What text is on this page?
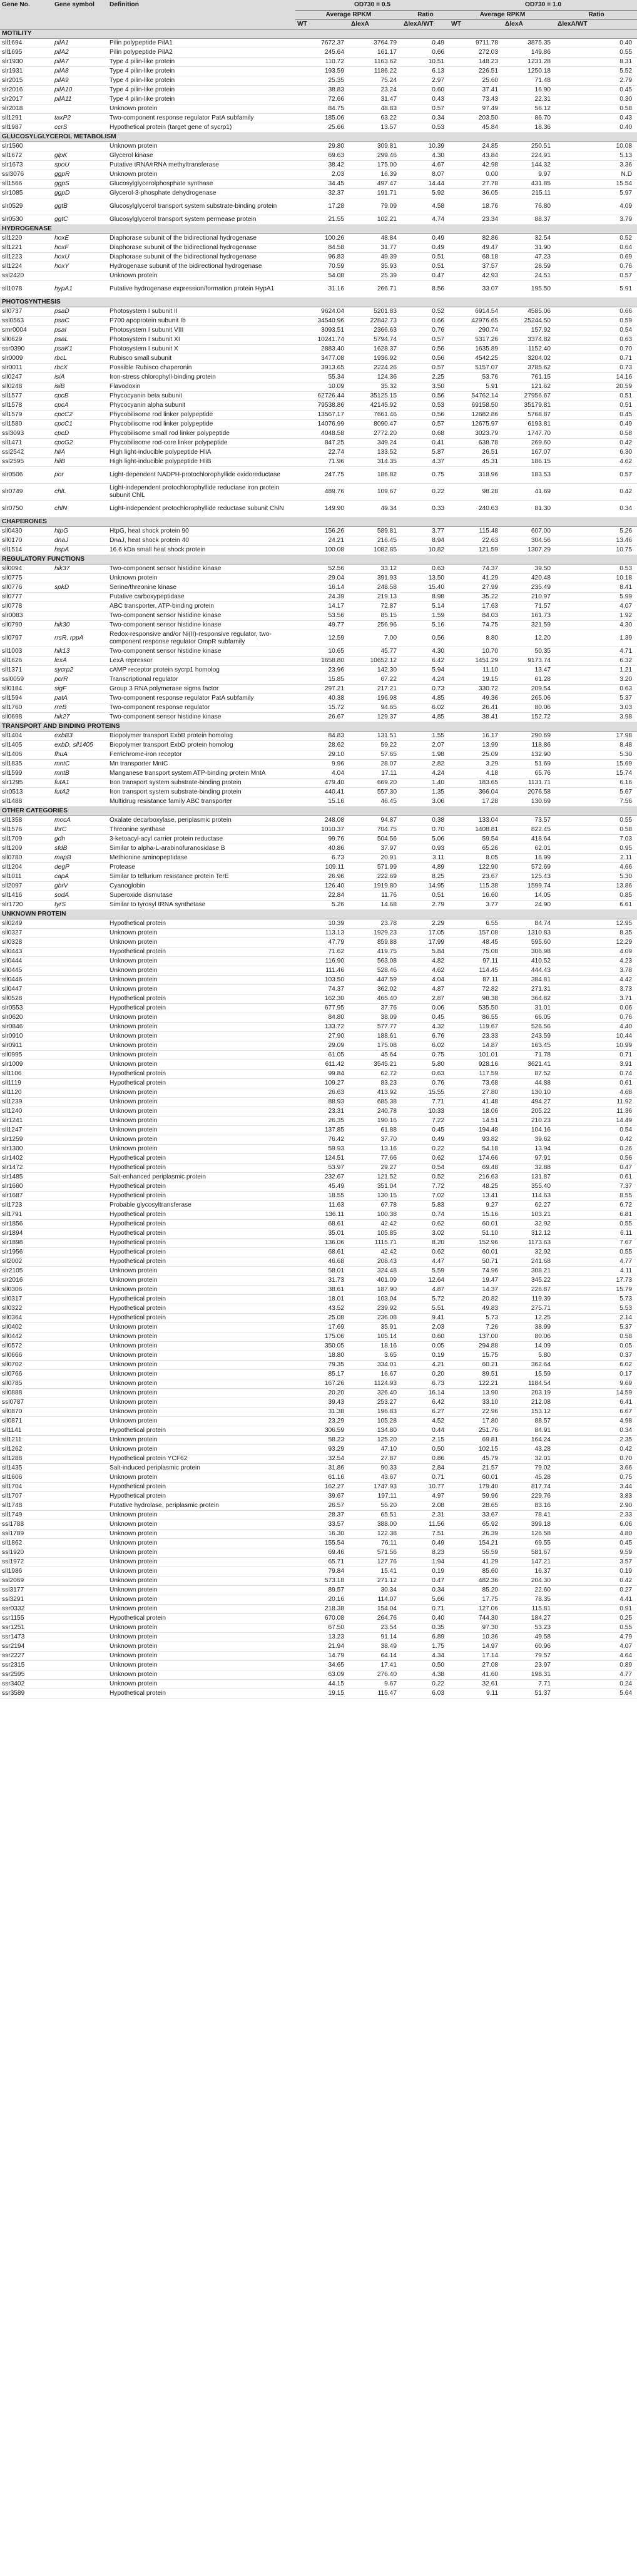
Gene No.	Gene symbol	Definition	OD730 = 0.5			OD730 = 1.0		
			Average RPKM		Ratio	Average RPKM		Ratio
			WT	ΔlexA	ΔlexA/WT	WT	ΔlexA	ΔlexA/WT
MOTILITY								
sll1694	pilA1	Pilin polypeptide PilA1	7672.37	3764.79	0.49	9711.78	3875.35	0.40
sll1695	pilA2	Pilin polypeptide PilA2	245.64	161.17	0.66	272.03	149.86	0.55
slr1930	pilA7	Type 4 pilin-like protein	110.72	1163.62	10.51	148.23	1231.28	8.31
slr1931	pilA8	Type 4 pilin-like protein	193.59	1186.22	6.13	226.51	1250.18	5.52
slr2015	pilA9	Type 4 pilin-like protein	25.35	75.24	2.97	25.60	71.48	2.79
slr2016	pilA10	Type 4 pilin-like protein	38.83	23.24	0.60	37.41	16.90	0.45
slr2017	pilA11	Type 4 pilin-like protein	72.66	31.47	0.43	73.43	22.31	0.30
slr2018		Unknown protein	84.75	48.83	0.57	97.49	56.12	0.58
sll1291	taxP2	Two-component response regulator PatA subfamily	185.06	63.22	0.34	203.50	86.70	0.43
sll1987	ccrS	Hypothetical protein (target gene of sycrp1)	25.66	13.57	0.53	45.84	18.36	0.40
GLUCOSYLGLYCEROL METABOLISM								
slr1560		Unknown protein	29.80	309.81	10.39	24.85	250.51	10.08
sll1672	glpK	Glycerol kinase	69.63	299.46	4.30	43.84	224.91	5.13
slr1673	spoU	Putative tRNA/rRNA methyltransferase	38.42	175.00	4.67	42.98	144.32	3.36
ssl3076	ggpR	Unknown protein	2.03	16.39	8.07	0.00	9.97	N.D
sll1566	ggpS	Glucosylglycerolphosphate synthase	34.45	497.47	14.44	27.78	431.85	15.54
slr1085	ggpD	Glycerol-3-phosphate dehydrogenase	32.37	191.71	5.92	36.05	215.11	5.97
slr0529	ggtB	Glucosylglycerol transport system substrate-binding protein	17.28	79.09	4.58	18.76	76.80	4.09
slr0530	ggtC	Glucosylglycerol transport system permease protein	21.55	102.21	4.74	23.34	88.37	3.79
HYDROGENASE								
sll1220	hoxE	Diaphorase subunit of the bidirectional hydrogenase	100.26	48.84	0.49	82.86	32.54	0.52
sll1221	hoxF	Diaphorase subunit of the bidirectional hydrogenase	84.58	31.77	0.49	49.47	31.90	0.64
sll1223	hoxU	Diaphorase subunit of the bidirectional hydrogenase	96.83	49.39	0.51	68.18	47.23	0.69
sll1224	hoxY	Hydrogenase subunit of the bidirectional hydrogenase	70.59	35.93	0.51	37.57	28.59	0.76
ssl2420		Unknown protein	54.08	25.39	0.47	42.93	24.51	0.57
sll1078	hypA1	Putative hydrogenase expression/formation protein HypA1	31.16	266.71	8.56	33.07	195.50	5.91
PHOTOSYNTHESIS								
sll0737	psaD	Photosystem I subunit II	9624.04	5201.83	0.52	6914.54	4585.06	0.66
ssl0563	psaC	P700 apoprotein subunit Ib	34540.96	22842.73	0.66	42976.65	25244.50	0.59
smr0004	psaI	Photosystem I subunit VIII	3093.51	2366.63	0.76	290.74	157.92	0.54
sll0629	psaL	Photosystem I subunit XI	10241.74	5794.74	0.57	5317.26	3374.82	0.63
ssr0390	psaK1	Photosystem I subunit X	2883.40	1628.37	0.56	1635.89	1152.40	0.70
slr0009	rbcL	Rubisco small subunit	3477.08	1936.92	0.56	4542.25	3204.02	0.71
slr0011	rbcX	Possible Rubisco chaperonin	3913.65	2224.26	0.57	5157.07	3785.62	0.73
sll0247	isiA	Iron-stress chlorophyll-binding protein	55.34	124.36	2.25	53.76	761.15	14.16
sll0248	isiB	Flavodoxin	10.09	35.32	3.50	5.91	121.62	20.59
sll1577	cpcB	Phycocyanin beta subunit	62726.44	35125.15	0.56	54762.14	27956.67	0.51
sll1578	cpcA	Phycocyanin alpha subunit	79538.86	42145.92	0.53	69158.50	35179.81	0.51
sll1579	cpcC2	Phycobilisome rod linker polypeptide	13567.17	7661.46	0.56	12682.86	5768.87	0.45
sll1580	cpcC1	Phycobilisome rod linker polypeptide	14076.99	8090.47	0.57	12675.97	6193.81	0.49
ssl3093	cpcD	Phycobilisome small rod linker polypeptide	4048.58	2772.20	0.68	3023.79	1747.70	0.58
sll1471	cpcG2	Phycobilisome rod-core linker polypeptide	847.25	349.24	0.41	638.78	269.60	0.42
ssl2542	hliA	High light-inducible polypeptide HliA	22.74	133.52	5.87	26.51	167.07	6.30
ssl2595	hliB	High light-inducible polypeptide HliB	71.96	314.35	4.37	45.31	186.15	4.62
slr0506	por	Light-dependent NADPH-protochlorophyllide oxidoreductase	247.75	186.82	0.75	318.96	183.53	0.57
slr0749	chlL	Light-independent protochlorophyllide reductase iron protein subunit ChlL	489.76	109.67	0.22	98.28	41.69	0.42
slr0750	chlN	Light-independent protochlorophyllide reductase subunit ChlN	149.90	49.34	0.33	240.63	81.30	0.34
CHAPERONES								
sll0430	htpG	HtpG, heat shock protein 90	156.26	589.81	3.77	115.48	607.00	5.26
sll0170	dnaJ	DnaJ, heat shock protein 40	24.21	216.45	8.94	22.63	304.56	13.46
sll1514	hspA	16.6 kDa small heat shock protein	100.08	1082.85	10.82	121.59	1307.29	10.75
REGULATORY FUNCTIONS								
sll0094	hik37	Two-component sensor histidine kinase	52.56	33.12	0.63	74.37	39.50	0.53
sll0775		Unknown protein	29.04	391.93	13.50	41.29	420.48	10.18
sll0776	spkD	Serine/threonine kinase	16.14	248.58	15.40	27.99	235.49	8.41
sll0777		Putative carboxypeptidase	24.39	219.13	8.98	35.22	210.97	5.99
sll0778		ABC transporter, ATP-binding protein	14.17	72.87	5.14	17.63	71.57	4.07
slr0083		Two-component sensor histidine kinase	53.56	85.15	1.59	84.03	161.73	1.92
sll0790	hik30	Two-component sensor histidine kinase	49.77	256.96	5.16	74.75	321.59	4.30
sll0797	rrsR, rppA	Redox-responsive and/or Ni(II)-responsive regulator, two-component response regulator OmpR subfamily	12.59	7.00	0.56	8.80	12.20	1.39
sll1003	hik13	Two-component sensor histidine kinase	10.65	45.77	4.30	10.70	50.35	4.71
sll1626	lexA	LexA repressor	1658.80	10652.12	6.42	1451.29	9173.74	6.32
sll1371	sycrp2	cAMP receptor protein sycrp1 homolog	23.96	142.30	5.94	11.10	13.47	1.21
ssl0059	pcrR	Transcriptional regulator	15.85	67.22	4.24	19.15	61.28	3.20
sll0184	sigF	Group 3 RNA polymerase sigma factor	297.21	217.21	0.73	330.72	209.54	0.63
sll1594	patA	Two-component response regulator PatA subfamily	40.38	196.98	4.85	49.36	265.06	5.37
sll1760	rreB	Two-component response regulator	15.72	94.65	6.02	26.41	80.06	3.03
sll0698	hik27	Two-component sensor histidine kinase	26.67	129.37	4.85	38.41	152.72	3.98
TRANSPORT AND BINDING PROTEINS								
sll1404	exbB3	Biopolymer transport ExbB protein homolog	84.83	131.51	1.55	16.17	290.69	17.98
sll1405	exbD, sll1405	Biopolymer transport ExbD protein homolog	28.62	59.22	2.07	13.99	118.86	8.48
sll1406	fhuA	Ferrichrome-iron receptor	29.10	57.65	1.98	25.09	132.90	5.30
sll1835	mntC	Mn transporter MntC	9.96	28.07	2.82	3.29	51.69	15.69
sll1599	mntB	Manganese transport system ATP-binding protein MntA	4.04	17.11	4.24	4.18	65.76	15.74
slr1295	futA1	Iron transport system substrate-binding protein	479.40	669.20	1.40	183.65	1131.71	6.16
slr0513	futA2	Iron transport system substrate-binding protein	440.41	557.30	1.35	366.04	2076.58	5.67
sll1488		Multidrug resistance family ABC transporter	15.16	46.45	3.06	17.28	130.69	7.56
OTHER CATEGORIES								
sll1358	mocA	Oxalate decarboxylase, periplasmic protein	248.08	94.87	0.38	133.04	73.57	0.55
sll1576	thrC	Threonine synthase	1010.37	704.75	0.70	1408.81	822.45	0.58
sll1709	gdh	3-ketoacyl-acyl carrier protein reductase	99.76	504.56	5.06	59.54	418.64	7.03
sll1209	sfdB	Similar to alpha-L-arabinofuranosidase B	40.86	37.97	0.93	65.26	62.01	0.95
sll0780	mapB	Methionine aminopeptidase	6.73	20.91	3.11	8.05	16.99	2.11
sll1204	degP	Protease	109.11	571.99	4.89	122.90	572.69	4.66
sll1011	capA	Similar to tellurium resistance protein TerE	26.96	222.69	8.25	23.67	125.43	5.30
sll2097	gbrV	Cyanoglobin	126.40	1919.80	14.95	115.38	1599.74	13.86
sll1416	sodA	Superoxide dismutase	22.84	11.76	0.51	16.60	14.05	0.85
slr1720	tyrS	Similar to tyrosyl tRNA synthetase	5.26	14.68	2.79	3.77	24.90	6.61
UNKNOWN PROTEIN								
sll0249		Hypothetical protein	10.39	23.78	2.29	6.55	84.74	12.95
sll0327		Unknown protein	113.13	1929.23	17.05	157.08	1310.83	8.35
sll0328		Unknown protein	47.79	859.88	17.99	48.45	595.60	12.29
sll0443		Hypothetical protein	71.62	419.75	5.84	75.08	306.98	4.09
sll0444		Unknown protein	116.90	563.08	4.82	97.11	410.52	4.23
sll0445		Unknown protein	111.46	528.46	4.62	114.45	444.43	3.78
sll0446		Unknown protein	103.50	447.59	4.04	87.11	384.81	4.42
sll0447		Unknown protein	74.37	362.02	4.87	72.82	271.31	3.73
sll0528		Hypothetical protein	162.30	465.40	2.87	98.38	364.82	3.71
slr0553		Hypothetical protein	677.95	37.76	0.06	535.50	31.01	0.06
slr0620		Unknown protein	84.80	38.09	0.45	86.55	66.05	0.76
slr0846		Unknown protein	133.72	577.77	4.32	119.67	526.56	4.40
slr0910		Unknown protein	27.90	188.61	6.76	23.33	243.59	10.44
slr0911		Unknown protein	29.09	175.08	6.02	14.87	163.45	10.99
sll0995		Unknown protein	61.05	45.64	0.75	101.01	71.78	0.71
slr1009		Unknown protein	611.42	3545.21	5.80	928.16	3621.41	3.91
sll1106		Hypothetical protein	99.84	62.72	0.63	117.59	87.52	0.74
sll1119		Hypothetical protein	109.27	83.23	0.76	73.68	44.88	0.61
sll1120		Unknown protein	26.63	413.92	15.55	27.80	130.10	4.68
sll1239		Unknown protein	88.93	685.38	7.71	41.48	494.27	11.92
sll1240		Unknown protein	23.31	240.78	10.33	18.06	205.22	11.36
slr1241		Unknown protein	26.35	190.16	7.22	14.51	210.23	14.49
sll1247		Unknown protein	137.85	61.88	0.45	194.48	104.16	0.54
slr1259		Unknown protein	76.42	37.70	0.49	93.82	39.62	0.42
slr1300		Unknown protein	59.93	13.16	0.22	54.18	13.94	0.26
slr1402		Hypothetical protein	124.51	77.66	0.62	174.66	97.91	0.56
slr1472		Hypothetical protein	53.97	29.27	0.54	69.48	32.88	0.47
slr1485		Salt-enhanced periplasmic protein	232.67	121.52	0.52	216.63	131.87	0.61
slr1660		Hypothetical protein	45.49	351.04	7.72	48.25	355.40	7.37
slr1687		Hypothetical protein	18.55	130.15	7.02	13.41	114.63	8.55
sll1723		Probable glycosyltransferase	11.63	67.78	5.83	9.27	62.27	6.72
sll1791		Hypothetical protein	136.11	100.38	0.74	15.16	103.21	6.81
slr1856		Hypothetical protein	68.61	42.42	0.62	60.01	32.92	0.55
slr1894		Hypothetical protein	35.01	105.85	3.02	51.10	312.12	6.11
slr1898		Hypothetical protein	136.06	1115.71	8.20	152.96	1173.63	7.67
slr1956		Hypothetical protein	68.61	42.42	0.62	60.01	32.92	0.55
sll2002		Hypothetical protein	46.68	208.43	4.47	50.71	241.68	4.77
slr2105		Unknown protein	58.01	324.48	5.59	74.96	308.21	4.11
slr2016		Unknown protein	31.73	401.09	12.64	19.47	345.22	17.73
sll0306		Unknown protein	38.61	187.90	4.87	14.37	226.87	15.79
sll0317		Hypothetical protein	18.01	103.04	5.72	20.82	119.39	5.73
sll0322		Hypothetical protein	43.52	239.92	5.51	49.83	275.71	5.53
sll0364		Hypothetical protein	25.08	236.08	9.41	5.73	12.25	2.14
sll0402		Unknown protein	17.69	35.91	2.03	7.26	38.99	5.37
sll0442		Unknown protein	175.06	105.14	0.60	137.00	80.06	0.58
sll0572		Unknown protein	350.05	18.16	0.05	294.88	14.09	0.05
sll0666		Unknown protein	18.80	3.65	0.19	15.75	5.80	0.37
sll0702		Unknown protein	79.35	334.01	4.21	60.21	362.64	6.02
sll0766		Unknown protein	85.17	16.67	0.20	89.51	15.59	0.17
sll0785		Unknown protein	167.26	1124.93	6.73	122.21	1184.54	9.69
sll0888		Unknown protein	20.20	326.40	16.14	13.90	203.19	14.59
ssl0787		Unknown protein	39.43	253.27	6.42	33.10	212.08	6.41
sll0870		Unknown protein	31.38	196.83	6.27	22.96	153.12	6.67
sll0871		Unknown protein	23.29	105.28	4.52	17.80	88.57	4.98
sll1141		Hypothetical protein	306.59	134.80	0.44	251.76	84.91	0.34
sll1211		Unknown protein	58.23	125.20	2.15	69.81	164.24	2.35
sll1262		Unknown protein	93.29	47.10	0.50	102.15	43.28	0.42
sll1288		Hypothetical protein YCF62	32.54	27.87	0.86	45.79	32.01	0.70
sll1435		Salt-induced periplasmic protein	31.86	90.33	2.84	21.57	79.02	3.66
sll1606		Unknown protein	61.16	43.67	0.71	60.01	45.28	0.75
sll1704		Hypothetical protein	162.27	1747.93	10.77	179.40	817.74	3.44
sll1707		Hypothetical protein	39.67	197.11	4.97	59.96	229.76	3.83
sll1748		Putative hydrolase, periplasmic protein	26.57	55.20	2.08	28.65	83.16	2.90
sll1749		Unknown protein	28.37	65.51	2.31	33.67	78.41	2.33
ssl1788		Unknown protein	33.57	388.00	11.56	65.92	399.18	6.06
ssl1789		Unknown protein	16.30	122.38	7.51	26.39	126.58	4.80
sll1862		Unknown protein	155.54	76.11	0.49	154.21	69.55	0.45
ssl1920		Unknown protein	69.46	571.56	8.23	55.59	581.67	9.59
ssl1972		Unknown protein	65.71	127.76	1.94	41.29	147.21	3.57
sll1986		Unknown protein	79.84	15.41	0.19	85.60	16.37	0.19
ssl2069		Unknown protein	573.18	271.12	0.47	482.36	204.30	0.42
ssl3177		Unknown protein	89.57	30.34	0.34	85.20	22.60	0.27
ssl3291		Unknown protein	20.16	114.07	5.66	17.75	78.35	4.41
ssr0332		Unknown protein	218.38	154.04	0.71	127.06	115.81	0.91
ssr1155		Hypothetical protein	670.08	264.76	0.40	744.30	184.27	0.25
ssr1251		Unknown protein	67.50	23.54	0.35	97.30	53.23	0.55
ssr1473		Unknown protein	13.23	91.14	6.89	10.36	49.58	4.79
ssr2194		Unknown protein	21.94	38.49	1.75	14.97	60.96	4.07
ssr2227		Unknown protein	14.79	64.14	4.34	17.14	79.57	4.64
ssr2315		Unknown protein	34.65	17.41	0.50	27.08	23.97	0.89
ssr2595		Unknown protein	63.09	276.40	4.38	41.60	198.31	4.77
ssr3402		Unknown protein	44.15	9.67	0.22	32.61	7.71	0.24
ssr3589		Hypothetical protein	19.15	115.47	6.03	9.11	51.37	5.64
